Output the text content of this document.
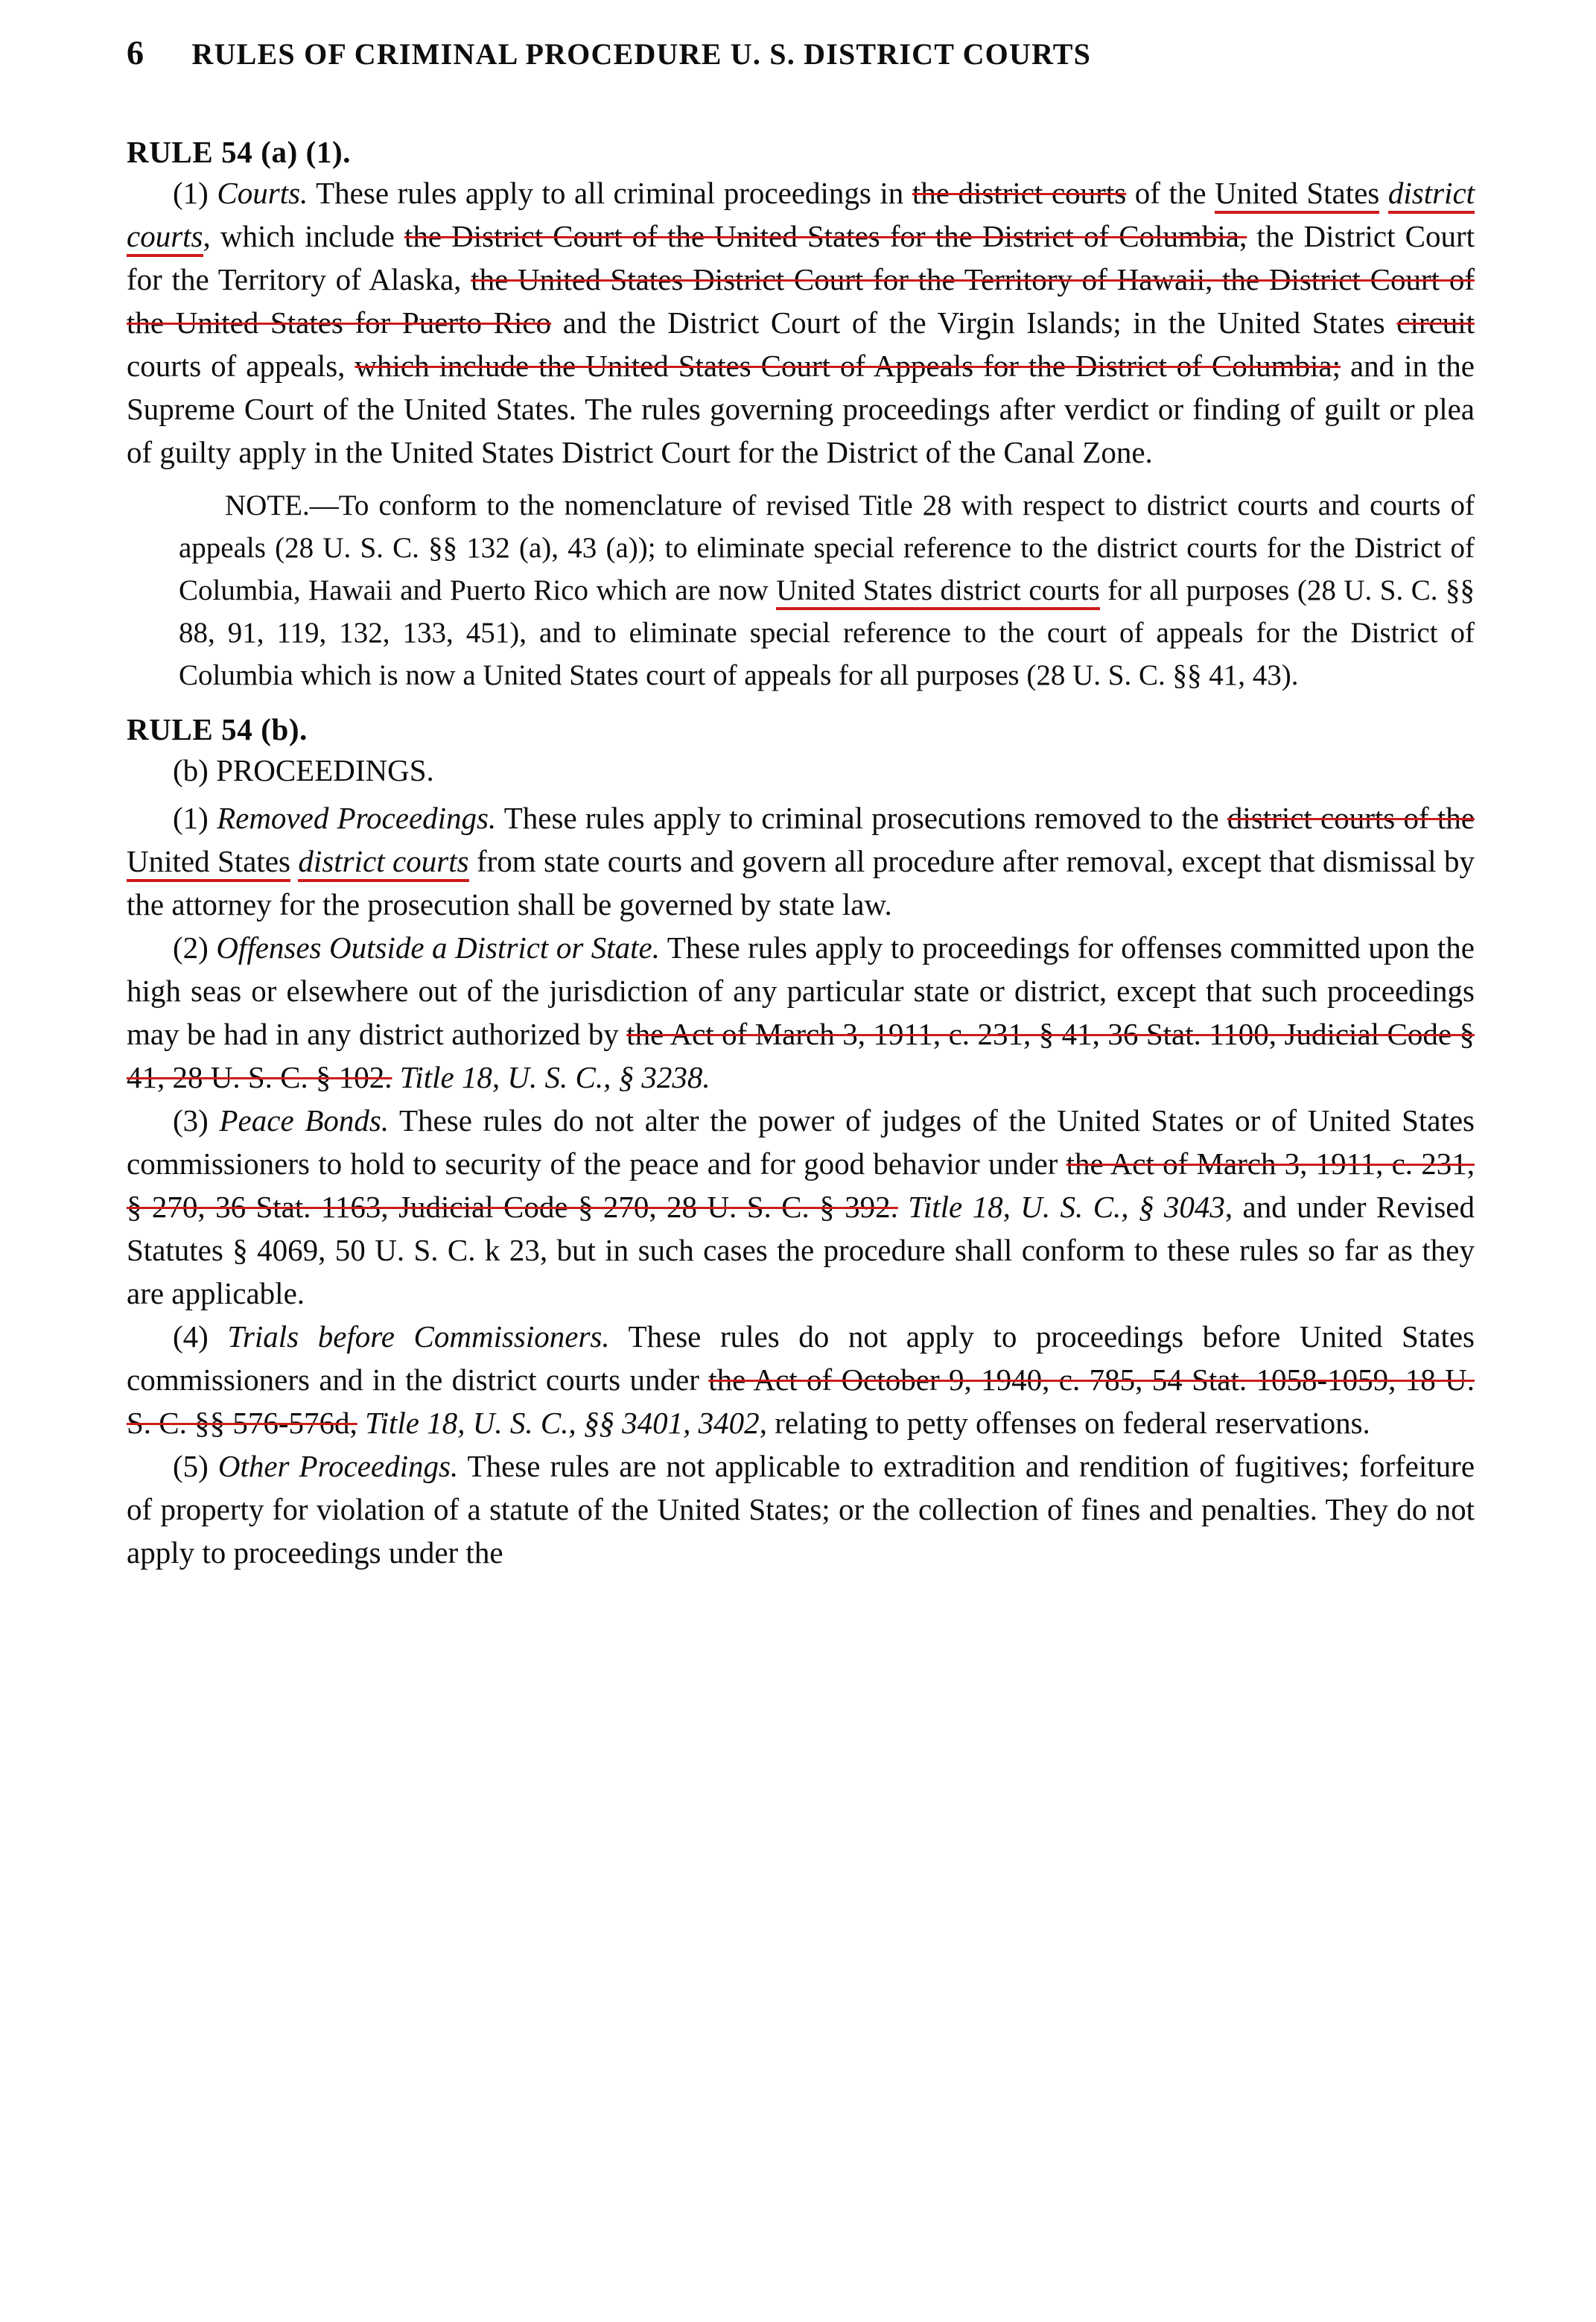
6 RULES OF CRIMINAL PROCEDURE U. S. DISTRICT COURTS
RULE 54 (a) (1).

(1) Courts. These rules apply to all criminal proceedings in the district courts of the United States district courts, which include the District Court of the United States for the District of Columbia, the District Court for the Territory of Alaska, the United States District Court for the Territory of Hawaii, the District Court of the United States for Puerto Rico and the District Court of the Virgin Islands; in the United States circuit courts of appeals, which include the United States Court of Appeals for the District of Columbia; and in the Supreme Court of the United States. The rules governing proceedings after verdict or finding of guilt or plea of guilty apply in the United States District Court for the District of the Canal Zone.

NOTE.—To conform to the nomenclature of revised Title 28 with respect to district courts and courts of appeals (28 U. S. C. §§ 132 (a), 43 (a)); to eliminate special reference to the district courts for the District of Columbia, Hawaii and Puerto Rico which are now United States district courts for all purposes (28 U. S. C. §§ 88, 91, 119, 132, 133, 451), and to eliminate special reference to the court of appeals for the District of Columbia which is now a United States court of appeals for all purposes (28 U. S. C. §§ 41, 43).

RULE 54 (b).

(b) PROCEEDINGS.

(1) Removed Proceedings. These rules apply to criminal prosecutions removed to the district courts of the United States district courts from state courts and govern all procedure after removal, except that dismissal by the attorney for the prosecution shall be governed by state law.

(2) Offenses Outside a District or State. These rules apply to proceedings for offenses committed upon the high seas or elsewhere out of the jurisdiction of any particular state or district, except that such proceedings may be had in any district authorized by the Act of March 3, 1911, c. 231, § 41, 36 Stat. 1100, Judicial Code § 41, 28 U. S. C. § 102. Title 18, U. S. C., § 3238.

(3) Peace Bonds. These rules do not alter the power of judges of the United States or of United States commissioners to hold to security of the peace and for good behavior under the Act of March 3, 1911, c. 231, § 270, 36 Stat. 1163, Judicial Code § 270, 28 U. S. C. § 392. Title 18, U. S. C., § 3043, and under Revised Statutes § 4069, 50 U. S. C. k 23, but in such cases the procedure shall conform to these rules so far as they are applicable.

(4) Trials before Commissioners. These rules do not apply to proceedings before United States commissioners and in the district courts under the Act of October 9, 1940, c. 785, 54 Stat. 1058-1059, 18 U. S. C. §§ 576-576d, Title 18, U. S. C., §§ 3401, 3402, relating to petty offenses on federal reservations.

(5) Other Proceedings. These rules are not applicable to extradition and rendition of fugitives; forfeiture of property for violation of a statute of the United States; or the collection of fines and penalties. They do not apply to proceedings under the
